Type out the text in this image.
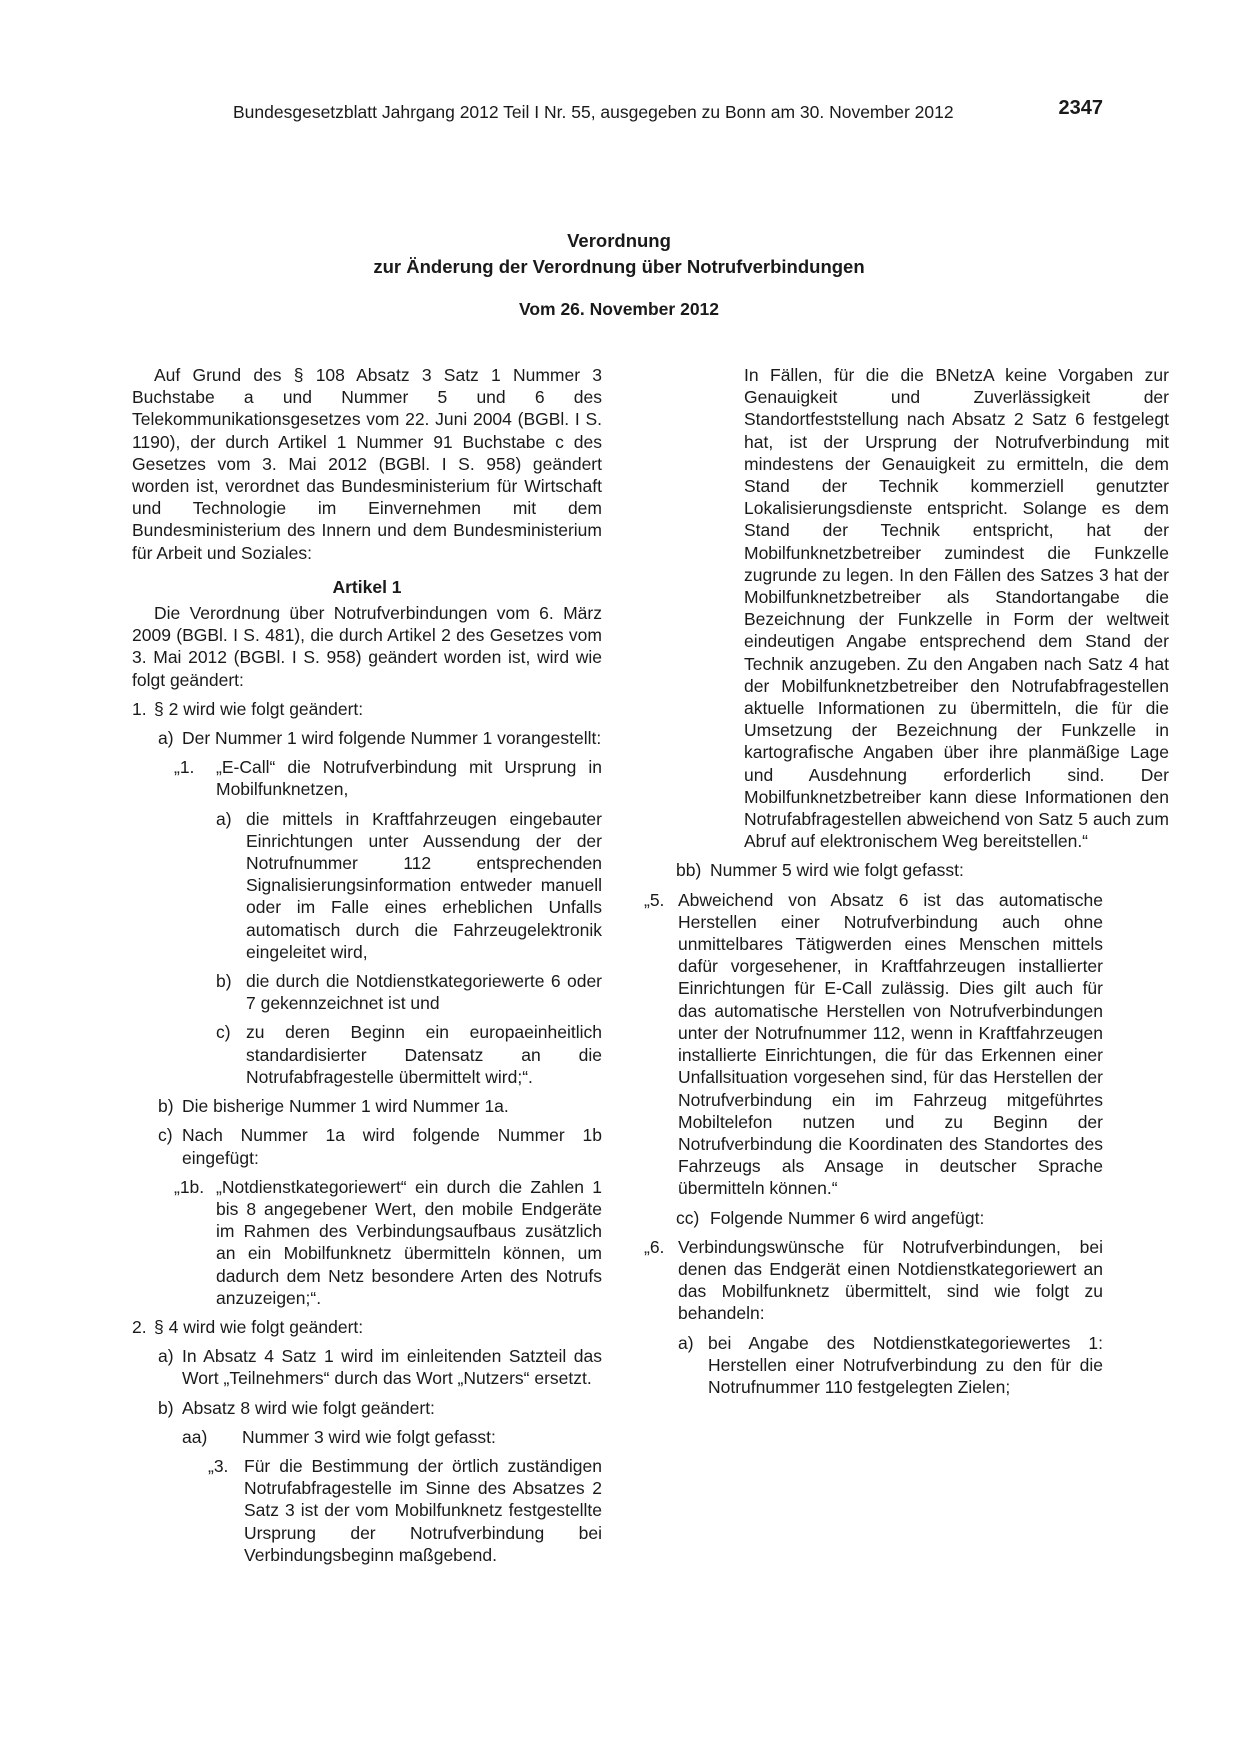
Bundesgesetzblatt Jahrgang 2012 Teil I Nr. 55, ausgegeben zu Bonn am 30. November 2012	2347
Verordnung
zur Änderung der Verordnung über Notrufverbindungen
Vom 26. November 2012

Auf Grund des § 108 Absatz 3 Satz 1 Nummer 3 Buchstabe a und Nummer 5 und 6 des Telekommunikationsgesetzes vom 22. Juni 2004 (BGBl. I S. 1190), der durch Artikel 1 Nummer 91 Buchstabe c des Gesetzes vom 3. Mai 2012 (BGBl. I S. 958) geändert worden ist, verordnet das Bundesministerium für Wirtschaft und Technologie im Einvernehmen mit dem Bundesministerium des Innern und dem Bundesministerium für Arbeit und Soziales:

Artikel 1

Die Verordnung über Notrufverbindungen vom 6. März 2009 (BGBl. I S. 481), die durch Artikel 2 des Gesetzes vom 3. Mai 2012 (BGBl. I S. 958) geändert worden ist, wird wie folgt geändert:

1. § 2 wird wie folgt geändert:

a) Der Nummer 1 wird folgende Nummer 1 vorangestellt:

„1. „E-Call“ die Notrufverbindung mit Ursprung in Mobilfunknetzen,

a) die mittels in Kraftfahrzeugen eingebauter Einrichtungen unter Aussendung der der Notrufnummer 112 entsprechenden Signalisierungsinformation entweder manuell oder im Falle eines erheblichen Unfalls automatisch durch die Fahrzeugelektronik eingeleitet wird,

b) die durch die Notdienstkategoriewerte 6 oder 7 gekennzeichnet ist und

c) zu deren Beginn ein europaeinheitlich standardisierter Datensatz an die Notrufabfragestelle übermittelt wird;“.

b) Die bisherige Nummer 1 wird Nummer 1a.

c) Nach Nummer 1a wird folgende Nummer 1b eingefügt:

„1b. „Notdienstkategoriewert“ ein durch die Zahlen 1 bis 8 angegebener Wert, den mobile Endgeräte im Rahmen des Verbindungsaufbaus zusätzlich an ein Mobilfunknetz übermitteln können, um dadurch dem Netz besondere Arten des Notrufs anzuzeigen;“.

2. § 4 wird wie folgt geändert:

a) In Absatz 4 Satz 1 wird im einleitenden Satzteil das Wort „Teilnehmers“ durch das Wort „Nutzers“ ersetzt.

b) Absatz 8 wird wie folgt geändert:

aa) Nummer 3 wird wie folgt gefasst:

„3. Für die Bestimmung der örtlich zuständigen Notrufabfragestelle im Sinne des Absatzes 2 Satz 3 ist der vom Mobilfunknetz festgestellte Ursprung der Notrufverbindung bei Verbindungsbeginn maßgebend.

In Fällen, für die die BNetzA keine Vorgaben zur Genauigkeit und Zuverlässigkeit der Standortfeststellung nach Absatz 2 Satz 6 festgelegt hat, ist der Ursprung der Notrufverbindung mit mindestens der Genauigkeit zu ermitteln, die dem Stand der Technik kommerziell genutzter Lokalisierungsdienste entspricht. Solange es dem Stand der Technik entspricht, hat der Mobilfunknetzbetreiber zumindest die Funkzelle zugrunde zu legen. In den Fällen des Satzes 3 hat der Mobilfunknetzbetreiber als Standortangabe die Bezeichnung der Funkzelle in Form der weltweit eindeutigen Angabe entsprechend dem Stand der Technik anzugeben. Zu den Angaben nach Satz 4 hat der Mobilfunknetzbetreiber den Notrufabfragestellen aktuelle Informationen zu übermitteln, die für die Umsetzung der Bezeichnung der Funkzelle in kartografische Angaben über ihre planmäßige Lage und Ausdehnung erforderlich sind. Der Mobilfunknetzbetreiber kann diese Informationen den Notrufabfragestellen abweichend von Satz 5 auch zum Abruf auf elektronischem Weg bereitstellen.“

bb) Nummer 5 wird wie folgt gefasst:

„5. Abweichend von Absatz 6 ist das automatische Herstellen einer Notrufverbindung auch ohne unmittelbares Tätigwerden eines Menschen mittels dafür vorgesehener, in Kraftfahrzeugen installierter Einrichtungen für E-Call zulässig. Dies gilt auch für das automatische Herstellen von Notrufverbindungen unter der Notrufnummer 112, wenn in Kraftfahrzeugen installierte Einrichtungen, die für das Erkennen einer Unfallsituation vorgesehen sind, für das Herstellen der Notrufverbindung ein im Fahrzeug mitgeführtes Mobiltelefon nutzen und zu Beginn der Notrufverbindung die Koordinaten des Standortes des Fahrzeugs als Ansage in deutscher Sprache übermitteln können.“

cc) Folgende Nummer 6 wird angefügt:

„6. Verbindungswünsche für Notrufverbindungen, bei denen das Endgerät einen Notdienstkategoriewert an das Mobilfunknetz übermittelt, sind wie folgt zu behandeln:

a) bei Angabe des Notdienstkategoriewertes 1: Herstellen einer Notrufverbindung zu den für die Notrufnummer 110 festgelegten Zielen;
